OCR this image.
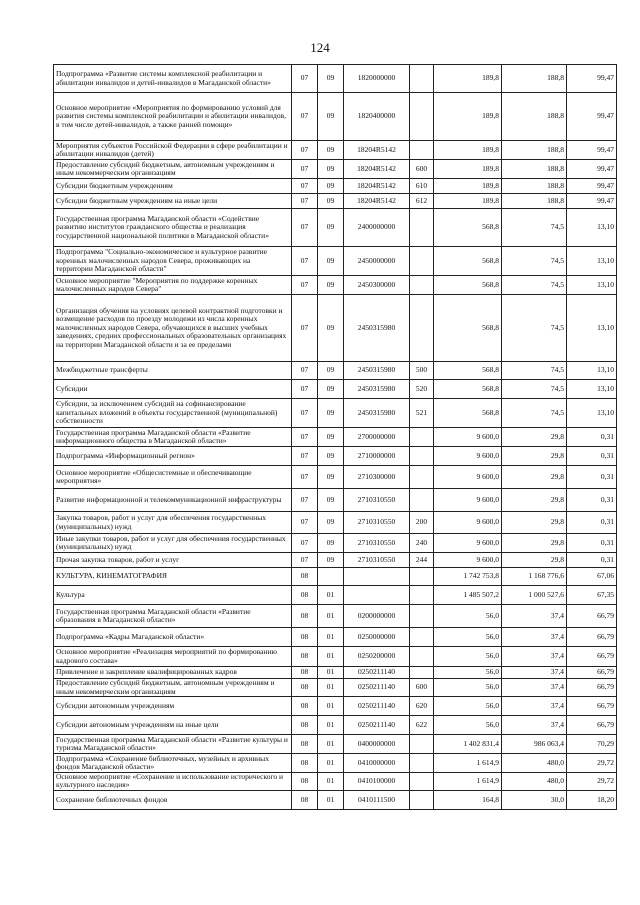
124
Подпрограмма «Развитие системы комплексной реабилитации и абилитации инвалидов и детей-инвалидов в Магаданской области»	07	09	1820000000		189,8	188,8	99,47
Основное мероприятие «Мероприятия по формированию условий для развития системы комплексной реабилитации и абилитации инвалидов, в том числе детей-инвалидов, а также ранней помощи»	07	09	1820400000		189,8	188,8	99,47
Мероприятия субъектов Российской Федерации в сфере реабилитации и абилитации инвалидов (детей)	07	09	18204R5142		189,8	188,8	99,47
Предоставление субсидий бюджетным, автономным учреждениям и иным некоммерческим организациям	07	09	18204R5142	600	189,8	188,8	99,47
Субсидии бюджетным учреждениям	07	09	18204R5142	610	189,8	188,8	99,47
Субсидии бюджетным учреждениям на иные цели	07	09	18204R5142	612	189,8	188,8	99,47
Государственная программа Магаданской области «Содействие развитию институтов гражданского общества и реализация государственной национальной политики в Магаданской области»	07	09	2400000000		568,8	74,5	13,10
Подпрограмма "Социально-экономическое и культурное развитие коренных малочисленных народов Севера, проживающих на территории Магаданской области"	07	09	2450000000		568,8	74,5	13,10
Основное мероприятие "Мероприятия по поддержке коренных малочисленных народов Севера"	07	09	2450300000		568,8	74,5	13,10
Организация обучения на условиях целевой контрактной подготовки и возмещение расходов по проезду молодежи из числа коренных малочисленных народов Севера, обучающихся в высших учебных заведениях, средних профессиональных образовательных организациях на территории Магаданской области и за ее пределами	07	09	2450315980		568,8	74,5	13,10
Межбюджетные трансферты	07	09	2450315980	500	568,8	74,5	13,10
Субсидии	07	09	2450315980	520	568,8	74,5	13,10
Субсидии, за исключением субсидий на софинансирование капитальных вложений в объекты государственной (муниципальной) собственности	07	09	2450315980	521	568,8	74,5	13,10
Государственная программа Магаданской области «Развитие информационного общества в Магаданской области»	07	09	2700000000		9 600,0	29,8	0,31
Подпрограмма «Информационный регион»	07	09	2710000000		9 600,0	29,8	0,31
Основное мероприятие «Общесистемные и обеспечивающие мероприятия»	07	09	2710300000		9 600,0	29,8	0,31
Развитие информационной и телекоммуникационной инфраструктуры	07	09	2710310550		9 600,0	29,8	0,31
Закупка товаров, работ и услуг для обеспечения государственных (муниципальных) нужд	07	09	2710310550	200	9 600,0	29,8	0,31
Иные закупки товаров, работ и услуг для обеспечения государственных (муниципальных) нужд	07	09	2710310550	240	9 600,0	29,8	0,31
Прочая закупка товаров, работ и услуг	07	09	2710310550	244	9 600,0	29,8	0,31
КУЛЬТУРА, КИНЕМАТОГРАФИЯ	08				1 742 753,8	1 168 776,6	67,06
Культура	08	01			1 485 507,2	1 000 527,6	67,35
Государственная программа Магаданской области «Развитие образования в Магаданской области»	08	01	0200000000		56,0	37,4	66,79
Подпрограмма «Кадры Магаданской области»	08	01	0250000000		56,0	37,4	66,79
Основное мероприятие «Реализация мероприятий по формированию кадрового состава»	08	01	0250200000		56,0	37,4	66,79
Привлечение и закрепление квалифицированных кадров	08	01	0250211140		56,0	37,4	66,79
Предоставление субсидий бюджетным, автономным учреждениям и иным некоммерческим организациям	08	01	0250211140	600	56,0	37,4	66,79
Субсидии автономным учреждениям	08	01	0250211140	620	56,0	37,4	66,79
Субсидии автономным учреждениям на иные цели	08	01	0250211140	622	56,0	37,4	66,79
Государственная программа Магаданской области «Развитие культуры и туризма Магаданской области»	08	01	0400000000		1 402 831,4	986 063,4	70,29
Подпрограмма «Сохранение библиотечных, музейных и архивных фондов Магаданской области»	08	01	0410000000		1 614,9	480,0	29,72
Основное мероприятие «Сохранение и использование исторического и культурного наследия»	08	01	0410100000		1 614,9	480,0	29,72
Сохранение библиотечных фондов	08	01	0410111500		164,8	30,0	18,20
